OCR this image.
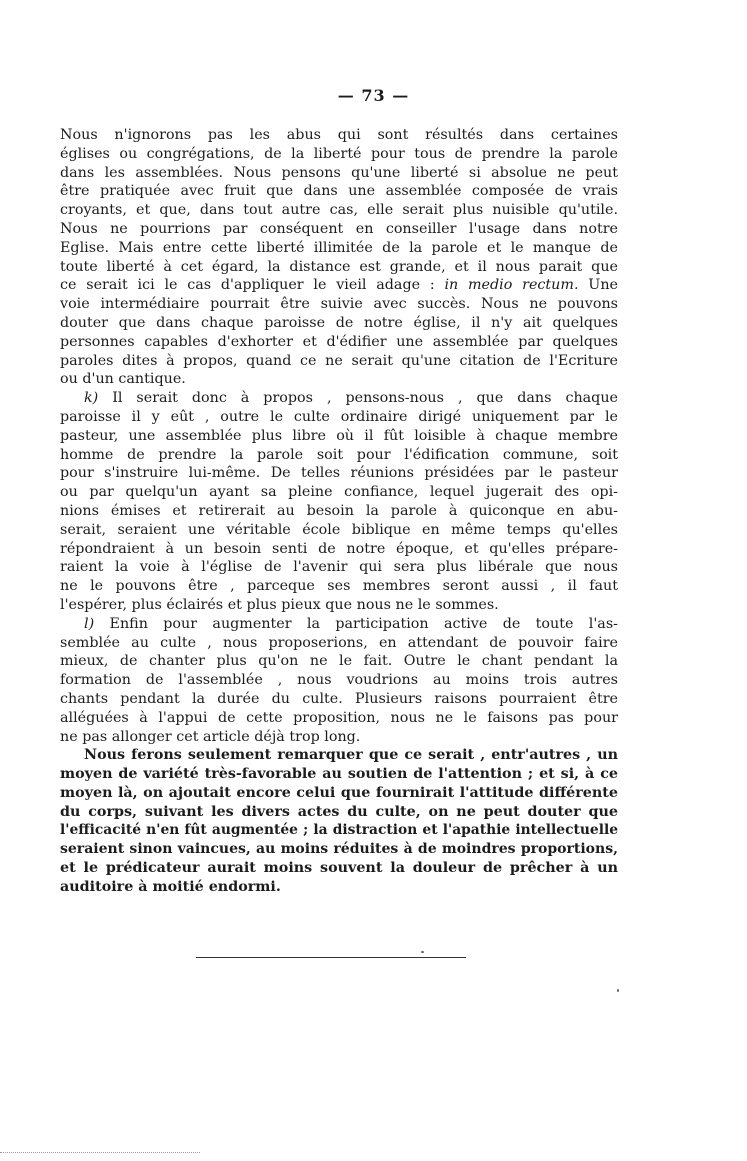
— 73 —
Nous n'ignorons pas les abus qui sont résultés dans certaines
églises ou congrégations, de la liberté pour tous de prendre la parole
dans les assemblées. Nous pensons qu'une liberté si absolue ne peut
être pratiquée avec fruit que dans une assemblée composée de vrais
croyants, et que, dans tout autre cas, elle serait plus nuisible qu'utile.
Nous ne pourrions par conséquent en conseiller l'usage dans notre
Eglise. Mais entre cette liberté illimitée de la parole et le manque de
toute liberté à cet égard, la distance est grande, et il nous parait que
ce serait ici le cas d'appliquer le vieil adage : in medio rectum. Une
voie intermédiaire pourrait être suivie avec succès. Nous ne pouvons
douter que dans chaque paroisse de notre église, il n'y ait quelques
personnes capables d'exhorter et d'édifier une assemblée par quelques
paroles dites à propos, quand ce ne serait qu'une citation de l'Ecriture
ou d'un cantique.
k) Il serait donc à propos , pensons-nous , que dans chaque
paroisse il y eût , outre le culte ordinaire dirigé uniquement par le
pasteur, une assemblée plus libre où il fût loisible à chaque membre
homme de prendre la parole soit pour l'édification commune, soit
pour s'instruire lui-même. De telles réunions présidées par le pasteur
ou par quelqu'un ayant sa pleine confiance, lequel jugerait des opi-
nions émises et retirerait au besoin la parole à quiconque en abu-
serait, seraient une véritable école biblique en même temps qu'elles
répondraient à un besoin senti de notre époque, et qu'elles prépare-
raient la voie à l'église de l'avenir qui sera plus libérale que nous
ne le pouvons être , parceque ses membres seront aussi , il faut
l'espérer, plus éclairés et plus pieux que nous ne le sommes.
l) Enfin pour augmenter la participation active de toute l'as-
semblée au culte , nous proposerions, en attendant de pouvoir faire
mieux, de chanter plus qu'on ne le fait. Outre le chant pendant la
formation de l'assemblée , nous voudrions au moins trois autres
chants pendant la durée du culte. Plusieurs raisons pourraient être
alléguées à l'appui de cette proposition, nous ne le faisons pas pour
ne pas allonger cet article déjà trop long.
Nous ferons seulement remarquer que ce serait , entr'autres , un
moyen de variété très-favorable au soutien de l'attention ; et si, à ce
moyen là, on ajoutait encore celui que fournirait l'attitude différente
du corps, suivant les divers actes du culte, on ne peut douter que
l'efficacité n'en fût augmentée ; la distraction et l'apathie intellectuelle
seraient sinon vaincues, au moins réduites à de moindres proportions,
et le prédicateur aurait moins souvent la douleur de prêcher à un
auditoire à moitié endormi.
